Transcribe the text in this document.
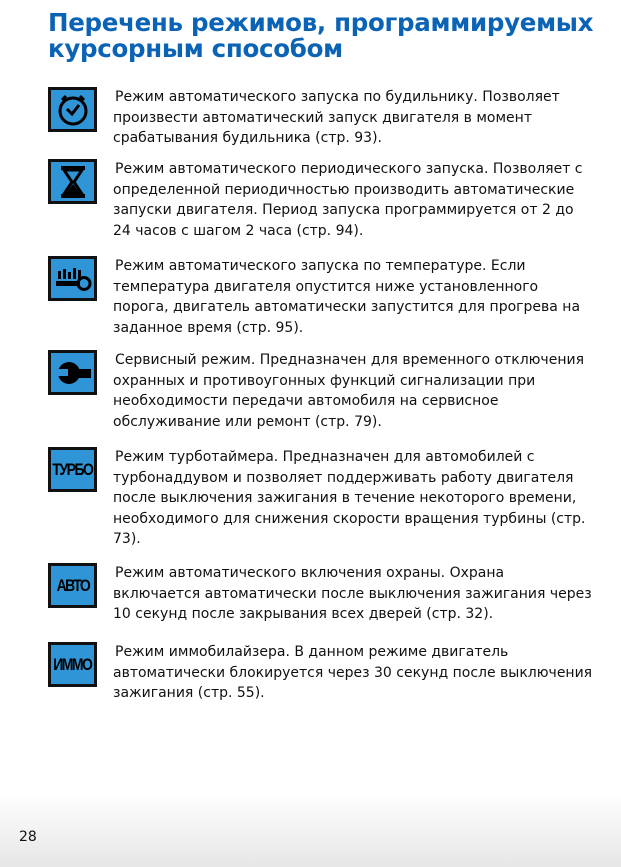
Перечень режимов, программируемых курсорным способом
Режим автоматического запуска по будильнику. Позволяет произвести автоматический запуск двигателя в момент срабатывания будильника (стр. 93).
Режим автоматического периодического запуска. Позволяет с определенной периодичностью производить автоматические запуски двигателя. Период запуска программируется от 2 до 24 часов с шагом 2 часа (стр. 94).
Режим автоматического запуска по температуре. Если температура двигателя опустится ниже установленного порога, двигатель автоматически запустится для прогрева на заданное время (стр. 95).
Сервисный режим. Предназначен для временного отключения охранных и противоугонных функций сигнализации при необходимости передачи автомобиля на сервисное обслуживание или ремонт (стр. 79).
ТУРБО
Режим турботаймера. Предназначен для автомобилей с турбонаддувом и позволяет поддерживать работу двигателя после выключения зажигания в течение некоторого времени, необходимого для снижения скорости вращения турбины (стр. 73).
АВТО
Режим автоматического включения охраны. Охрана включается автоматически после выключения зажигания через 10 секунд после закрывания всех дверей (стр. 32).
ИММО
Режим иммобилайзера. В данном режиме двигатель автоматически блокируется через 30 секунд после выключения зажигания (стр. 55).
28
